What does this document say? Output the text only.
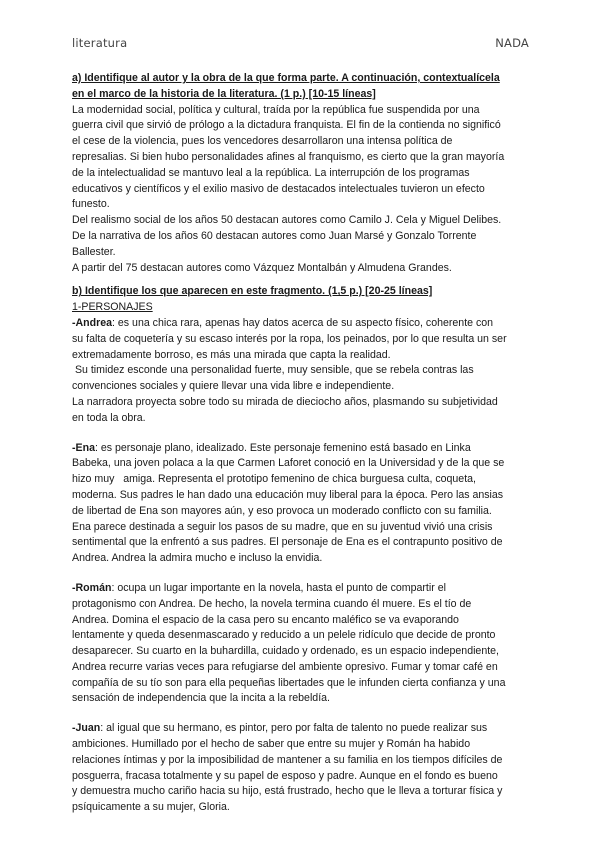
literatura	NADA
a) Identifique al autor y la obra de la que forma parte. A continuación, contextualícela
en el marco de la historia de la literatura. (1 p.) [10-15 líneas]
La modernidad social, política y cultural, traída por la república fue suspendida por una
guerra civil que sirvió de prólogo a la dictadura franquista. El fin de la contienda no significó
el cese de la violencia, pues los vencedores desarrollaron una intensa política de
represalias. Si bien hubo personalidades afines al franquismo, es cierto que la gran mayoría
de la intelectualidad se mantuvo leal a la república. La interrupción de los programas
educativos y científicos y el exilio masivo de destacados intelectuales tuvieron un efecto
funesto.
Del realismo social de los años 50 destacan autores como Camilo J. Cela y Miguel Delibes.
De la narrativa de los años 60 destacan autores como Juan Marsé y Gonzalo Torrente
Ballester.
A partir del 75 destacan autores como Vázquez Montalbán y Almudena Grandes.
b) Identifique los que aparecen en este fragmento. (1,5 p.) [20-25 líneas]
1-PERSONAJES
-Andrea: es una chica rara, apenas hay datos acerca de su aspecto físico, coherente con
su falta de coquetería y su escaso interés por la ropa, los peinados, por lo que resulta un ser
extremadamente borroso, es más una mirada que capta la realidad.
Su timidez esconde una personalidad fuerte, muy sensible, que se rebela contras las
convenciones sociales y quiere llevar una vida libre e independiente.
La narradora proyecta sobre todo su mirada de dieciocho años, plasmando su subjetividad
en toda la obra.
-Ena: es personaje plano, idealizado. Este personaje femenino está basado en Linka
Babeka, una joven polaca a la que Carmen Laforet conoció en la Universidad y de la que se
hizo muy   amiga. Representa el prototipo femenino de chica burguesa culta, coqueta,
moderna. Sus padres le han dado una educación muy liberal para la época. Pero las ansias
de libertad de Ena son mayores aún, y eso provoca un moderado conflicto con su familia.
Ena parece destinada a seguir los pasos de su madre, que en su juventud vivió una crisis
sentimental que la enfrentó a sus padres. El personaje de Ena es el contrapunto positivo de
Andrea. Andrea la admira mucho e incluso la envidia.
-Román: ocupa un lugar importante en la novela, hasta el punto de compartir el
protagonismo con Andrea. De hecho, la novela termina cuando él muere. Es el tío de
Andrea. Domina el espacio de la casa pero su encanto maléfico se va evaporando
lentamente y queda desenmascarado y reducido a un pelele ridículo que decide de pronto
desaparecer. Su cuarto en la buhardilla, cuidado y ordenado, es un espacio independiente,
Andrea recurre varias veces para refugiarse del ambiente opresivo. Fumar y tomar café en
compañía de su tío son para ella pequeñas libertades que le infunden cierta confianza y una
sensación de independencia que la incita a la rebeldía.
-Juan: al igual que su hermano, es pintor, pero por falta de talento no puede realizar sus
ambiciones. Humillado por el hecho de saber que entre su mujer y Román ha habido
relaciones íntimas y por la imposibilidad de mantener a su familia en los tiempos difíciles de
posguerra, fracasa totalmente y su papel de esposo y padre. Aunque en el fondo es bueno
y demuestra mucho cariño hacia su hijo, está frustrado, hecho que le lleva a torturar física y
psíquicamente a su mujer, Gloria.
